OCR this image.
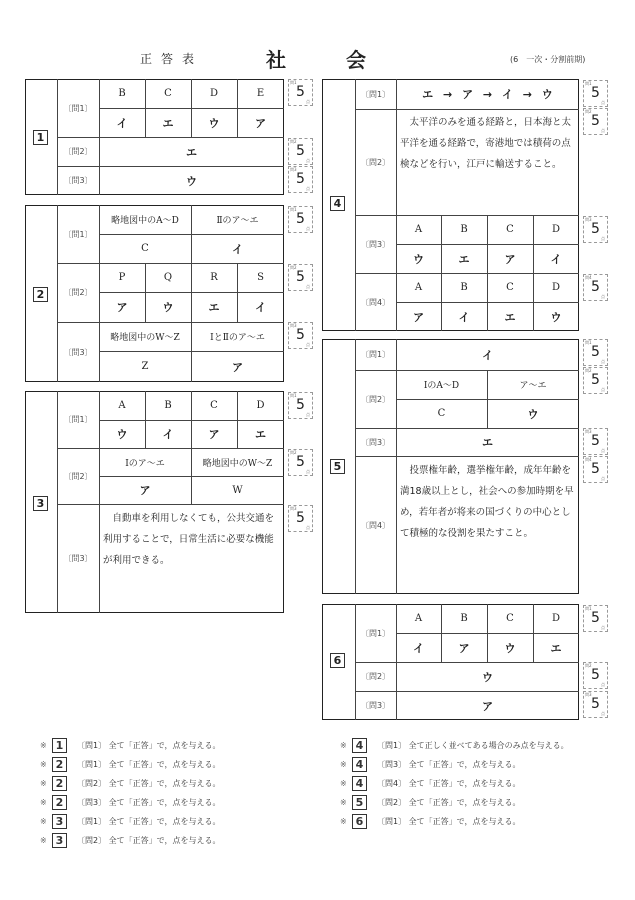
正答表	社	会	(6　一次・分割前期)
1
〔問1〕
B	C	D	E
イ	エ	ウ	ア
〔問2〕	エ
〔問3〕	ウ
問1
5
点
問2
5
点
問3
5
点
2
〔問1〕
略地図中のA～D	Ⅱのア～エ
C	イ
〔問2〕
P	Q	R	S
ア	ウ	エ	イ
〔問3〕
略地図中のW～Z	ⅠとⅡのア～エ
Z	ア
問1
5
点
問2
5
点
問3
5
点
3
〔問1〕
A	B	C	D
ウ	イ	ア	エ
〔問2〕
Ⅰのア～エ	略地図中のW～Z
ア	W
〔問3〕
自動車を利用しなくても，公共交通を利用することで，日常生活に必要な機能が利用できる。
問1
5
点
問2
5
点
問3
5
点
4
〔問1〕	エ → ア → イ → ウ
〔問2〕
太平洋のみを通る経路と，日本海と太平洋を通る経路で，寄港地では積荷の点検などを行い，江戸に輸送すること。
〔問3〕
A	B	C	D
ウ	エ	ア	イ
〔問4〕
A	B	C	D
ア	イ	エ	ウ
問1
5
点
問2
5
点
問3
5
点
問4
5
点
5
〔問1〕	イ
〔問2〕
ⅠのA～D	ア～エ
C	ウ
〔問3〕	エ
〔問4〕
投票権年齢，選挙権年齢，成年年齢を満18歳以上とし，社会への参加時期を早め，若年者が将来の国づくりの中心として積極的な役割を果たすこと。
問1
5
点
問2
5
点
問3
5
点
問4
5
点
6
〔問1〕
A	B	C	D
イ	ア	ウ	エ
〔問2〕	ウ
〔問3〕	ア
問1
5
点
問2
5
点
問3
5
点
※ 1	〔問1〕 全て「正答」で，点を与える。
※ 2	〔問1〕 全て「正答」で，点を与える。
※ 2	〔問2〕 全て「正答」で，点を与える。
※ 2	〔問3〕 全て「正答」で，点を与える。
※ 3	〔問1〕 全て「正答」で，点を与える。
※ 3	〔問2〕 全て「正答」で，点を与える。
※ 4	〔問1〕 全て正しく並べてある場合のみ点を与える。
※ 4	〔問3〕 全て「正答」で，点を与える。
※ 4	〔問4〕 全て「正答」で，点を与える。
※ 5	〔問2〕 全て「正答」で，点を与える。
※ 6	〔問1〕 全て「正答」で，点を与える。
